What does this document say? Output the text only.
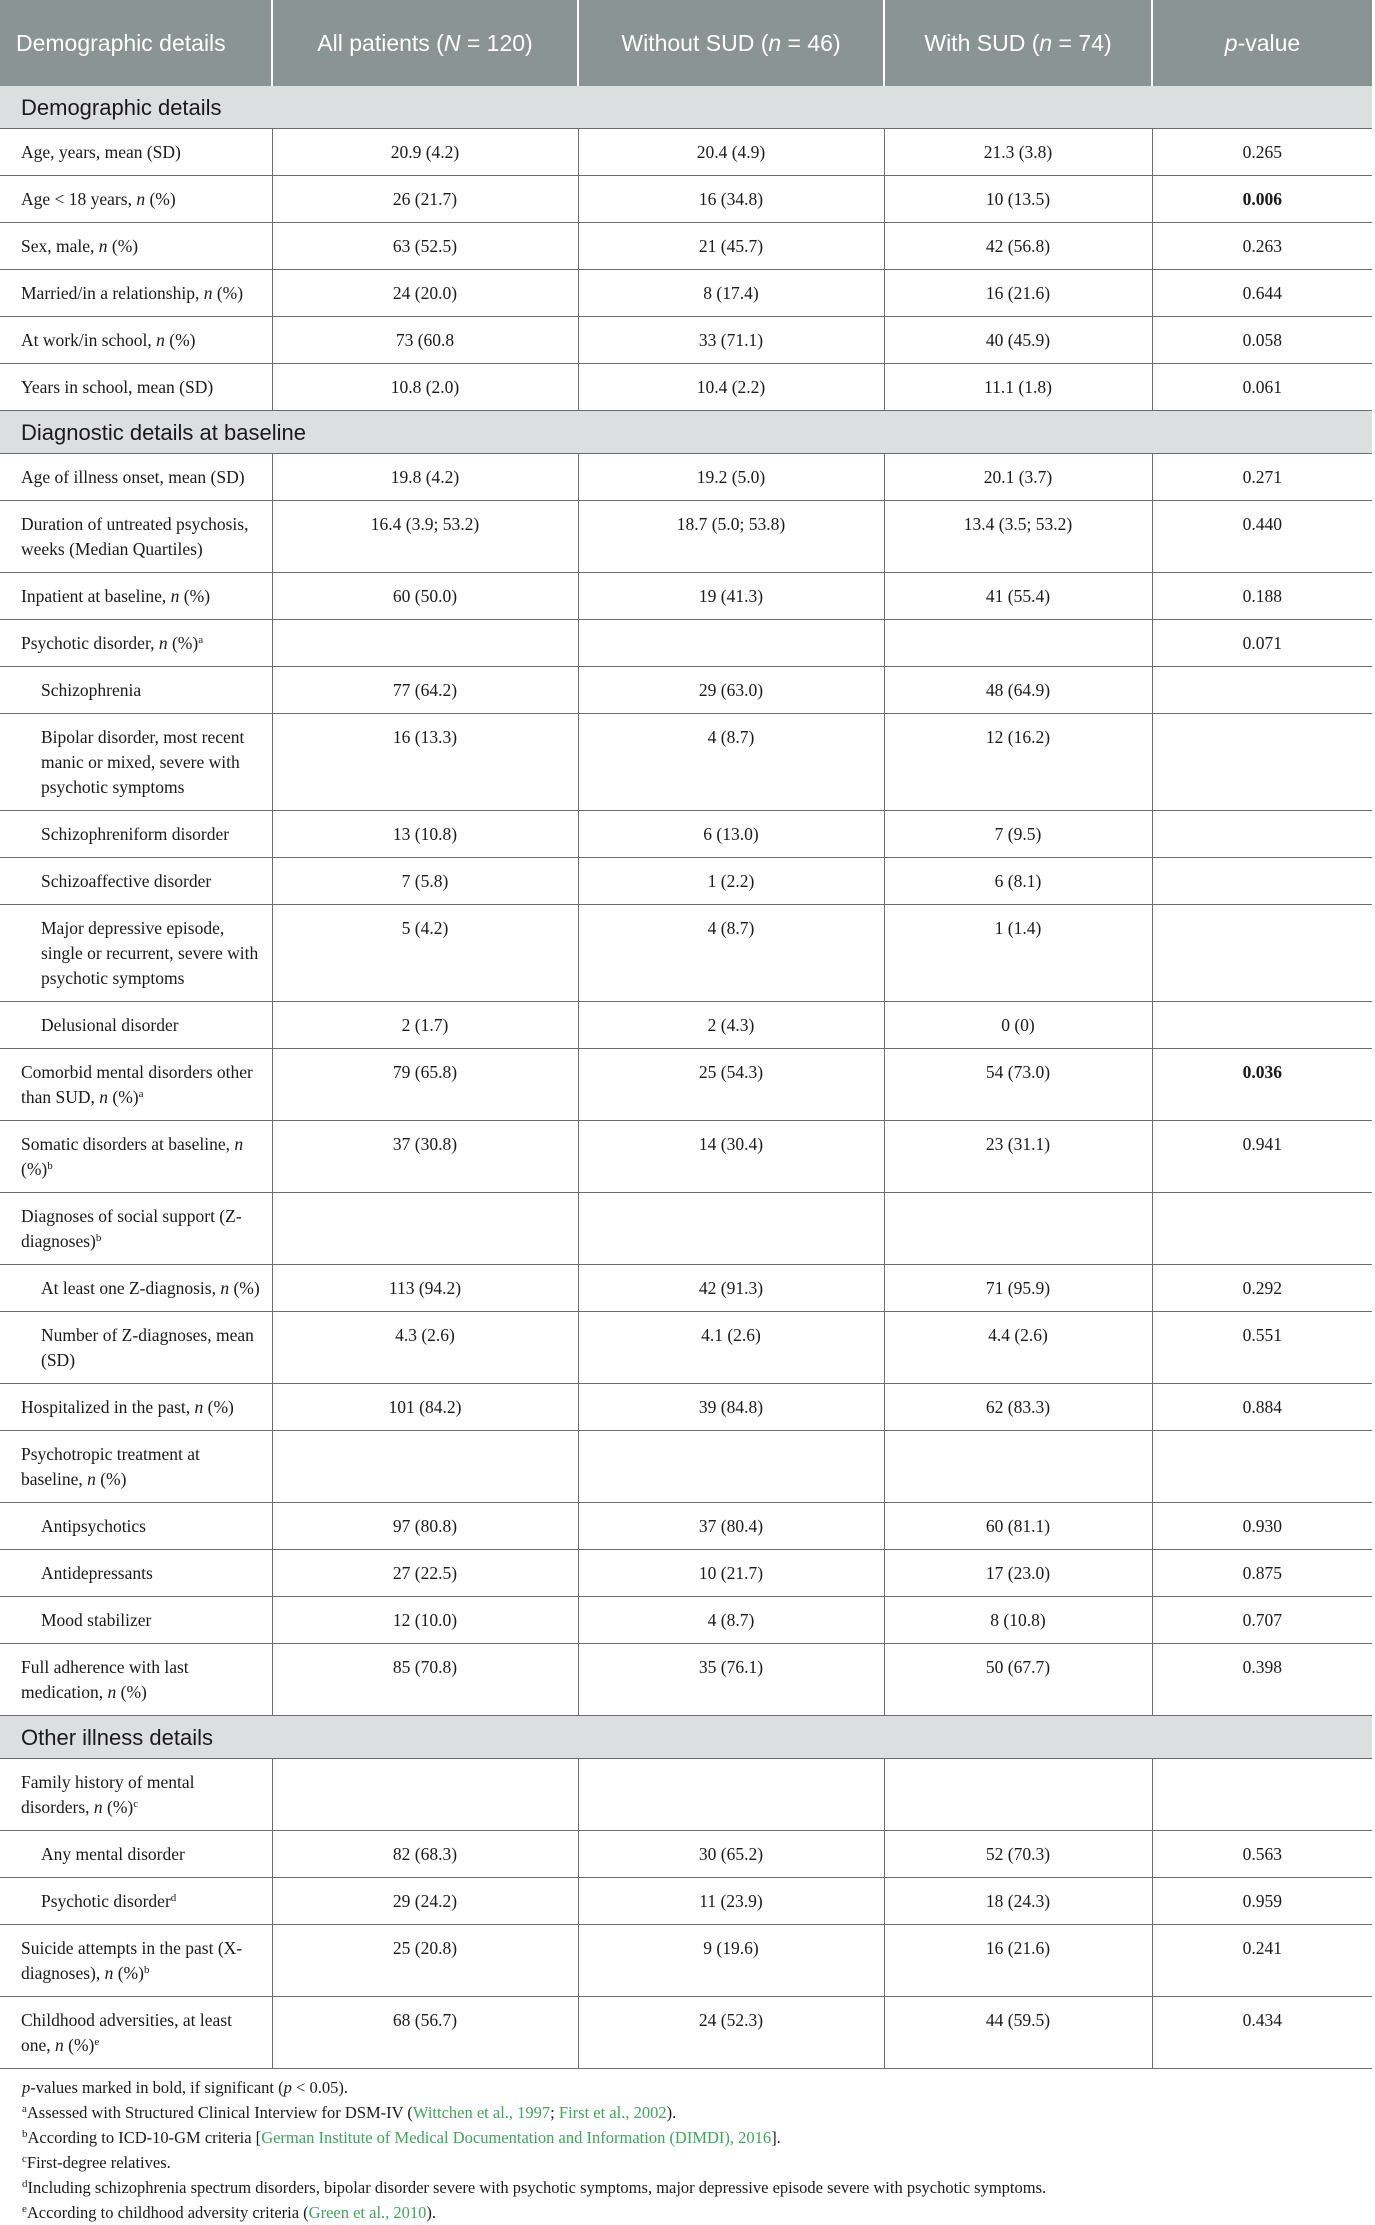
Demographic details	All patients (N = 120)	Without SUD (n = 46)	With SUD (n = 74)	p-value
Demographic details				
Age, years, mean (SD)	20.9 (4.2)	20.4 (4.9)	21.3 (3.8)	0.265
Age < 18 years, n (%)	26 (21.7)	16 (34.8)	10 (13.5)	0.006
Sex, male, n (%)	63 (52.5)	21 (45.7)	42 (56.8)	0.263
Married/in a relationship, n (%)	24 (20.0)	8 (17.4)	16 (21.6)	0.644
At work/in school, n (%)	73 (60.8	33 (71.1)	40 (45.9)	0.058
Years in school, mean (SD)	10.8 (2.0)	10.4 (2.2)	11.1 (1.8)	0.061
Diagnostic details at baseline				
Age of illness onset, mean (SD)	19.8 (4.2)	19.2 (5.0)	20.1 (3.7)	0.271
Duration of untreated psychosis, weeks (Median Quartiles)	16.4 (3.9; 53.2)	18.7 (5.0; 53.8)	13.4 (3.5; 53.2)	0.440
Inpatient at baseline, n (%)	60 (50.0)	19 (41.3)	41 (55.4)	0.188
Psychotic disorder, n (%)$^a$				0.071
Schizophrenia	77 (64.2)	29 (63.0)	48 (64.9)	
Bipolar disorder, most recent manic or mixed, severe with psychotic symptoms	16 (13.3)	4 (8.7)	12 (16.2)	
Schizophreniform disorder	13 (10.8)	6 (13.0)	7 (9.5)	
Schizoaffective disorder	7 (5.8)	1 (2.2)	6 (8.1)	
Major depressive episode, single or recurrent, severe with psychotic symptoms	5 (4.2)	4 (8.7)	1 (1.4)	
Delusional disorder	2 (1.7)	2 (4.3)	0 (0)	
Comorbid mental disorders other than SUD, n (%)$^a$	79 (65.8)	25 (54.3)	54 (73.0)	0.036
Somatic disorders at baseline, n (%)$^b$	37 (30.8)	14 (30.4)	23 (31.1)	0.941
Diagnoses of social support (Z-diagnoses)$^b$				
At least one Z-diagnosis, n (%)	113 (94.2)	42 (91.3)	71 (95.9)	0.292
Number of Z-diagnoses, mean (SD)	4.3 (2.6)	4.1 (2.6)	4.4 (2.6)	0.551
Hospitalized in the past, n (%)	101 (84.2)	39 (84.8)	62 (83.3)	0.884
Psychotropic treatment at baseline, n (%)				
Antipsychotics	97 (80.8)	37 (80.4)	60 (81.1)	0.930
Antidepressants	27 (22.5)	10 (21.7)	17 (23.0)	0.875
Mood stabilizer	12 (10.0)	4 (8.7)	8 (10.8)	0.707
Full adherence with last medication, n (%)	85 (70.8)	35 (76.1)	50 (67.7)	0.398
Other illness details				
Family history of mental disorders, n (%)$^c$				
Any mental disorder	82 (68.3)	30 (65.2)	52 (70.3)	0.563
Psychotic disorder$^d$	29 (24.2)	11 (23.9)	18 (24.3)	0.959
Suicide attempts in the past (X-diagnoses), n (%)$^b$	25 (20.8)	9 (19.6)	16 (21.6)	0.241
Childhood adversities, at least one, n (%)$^e$	68 (56.7)	24 (52.3)	44 (59.5)	0.434
p-values marked in bold, if significant (p < 0.05).
$^a$Assessed with Structured Clinical Interview for DSM-IV (Wittchen et al., 1997; First et al., 2002).
$^b$According to ICD-10-GM criteria [German Institute of Medical Documentation and Information (DIMDI), 2016].
$^c$First-degree relatives.
$^d$Including schizophrenia spectrum disorders, bipolar disorder severe with psychotic symptoms, major depressive episode severe with psychotic symptoms.
$^e$According to childhood adversity criteria (Green et al., 2010).
